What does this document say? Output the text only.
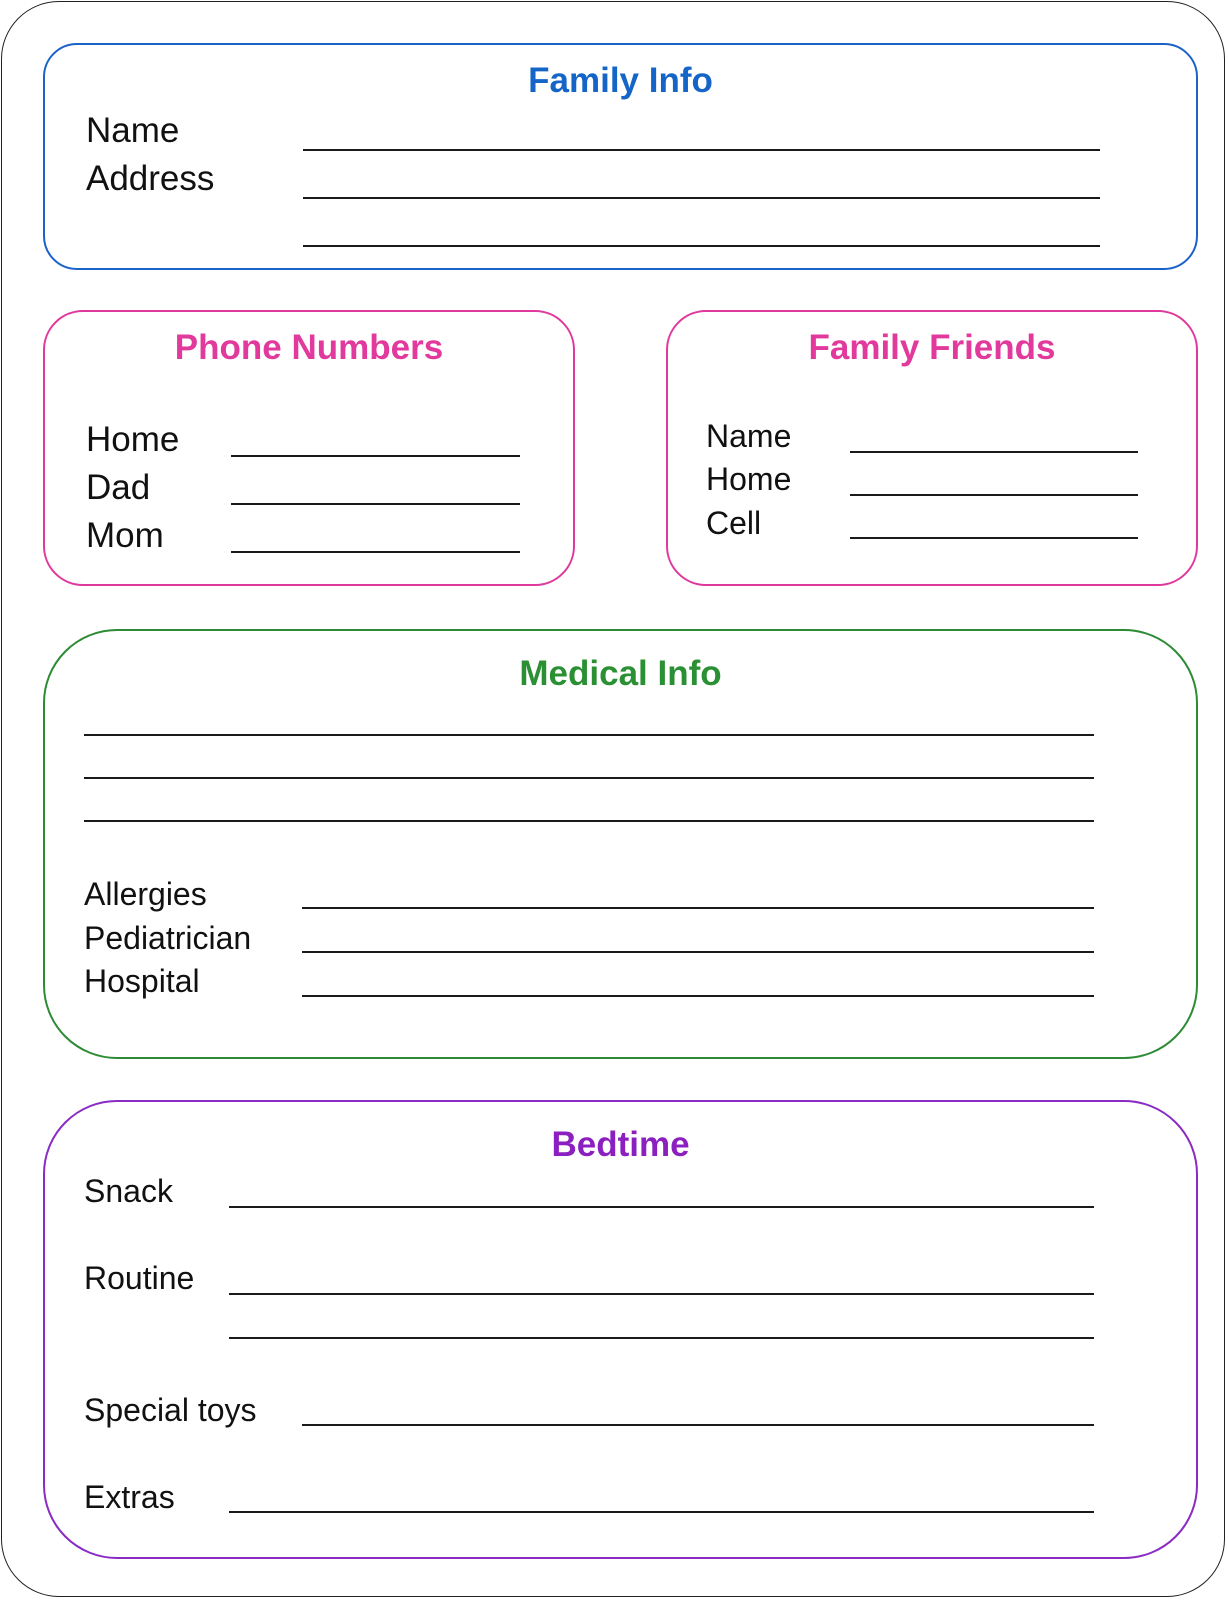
Family Info
Name
Address
Phone Numbers
Home
Dad
Mom
Family Friends
Name
Home
Cell
Medical Info
Allergies
Pediatrician
Hospital
Bedtime
Snack
Routine
Special toys
Extras
